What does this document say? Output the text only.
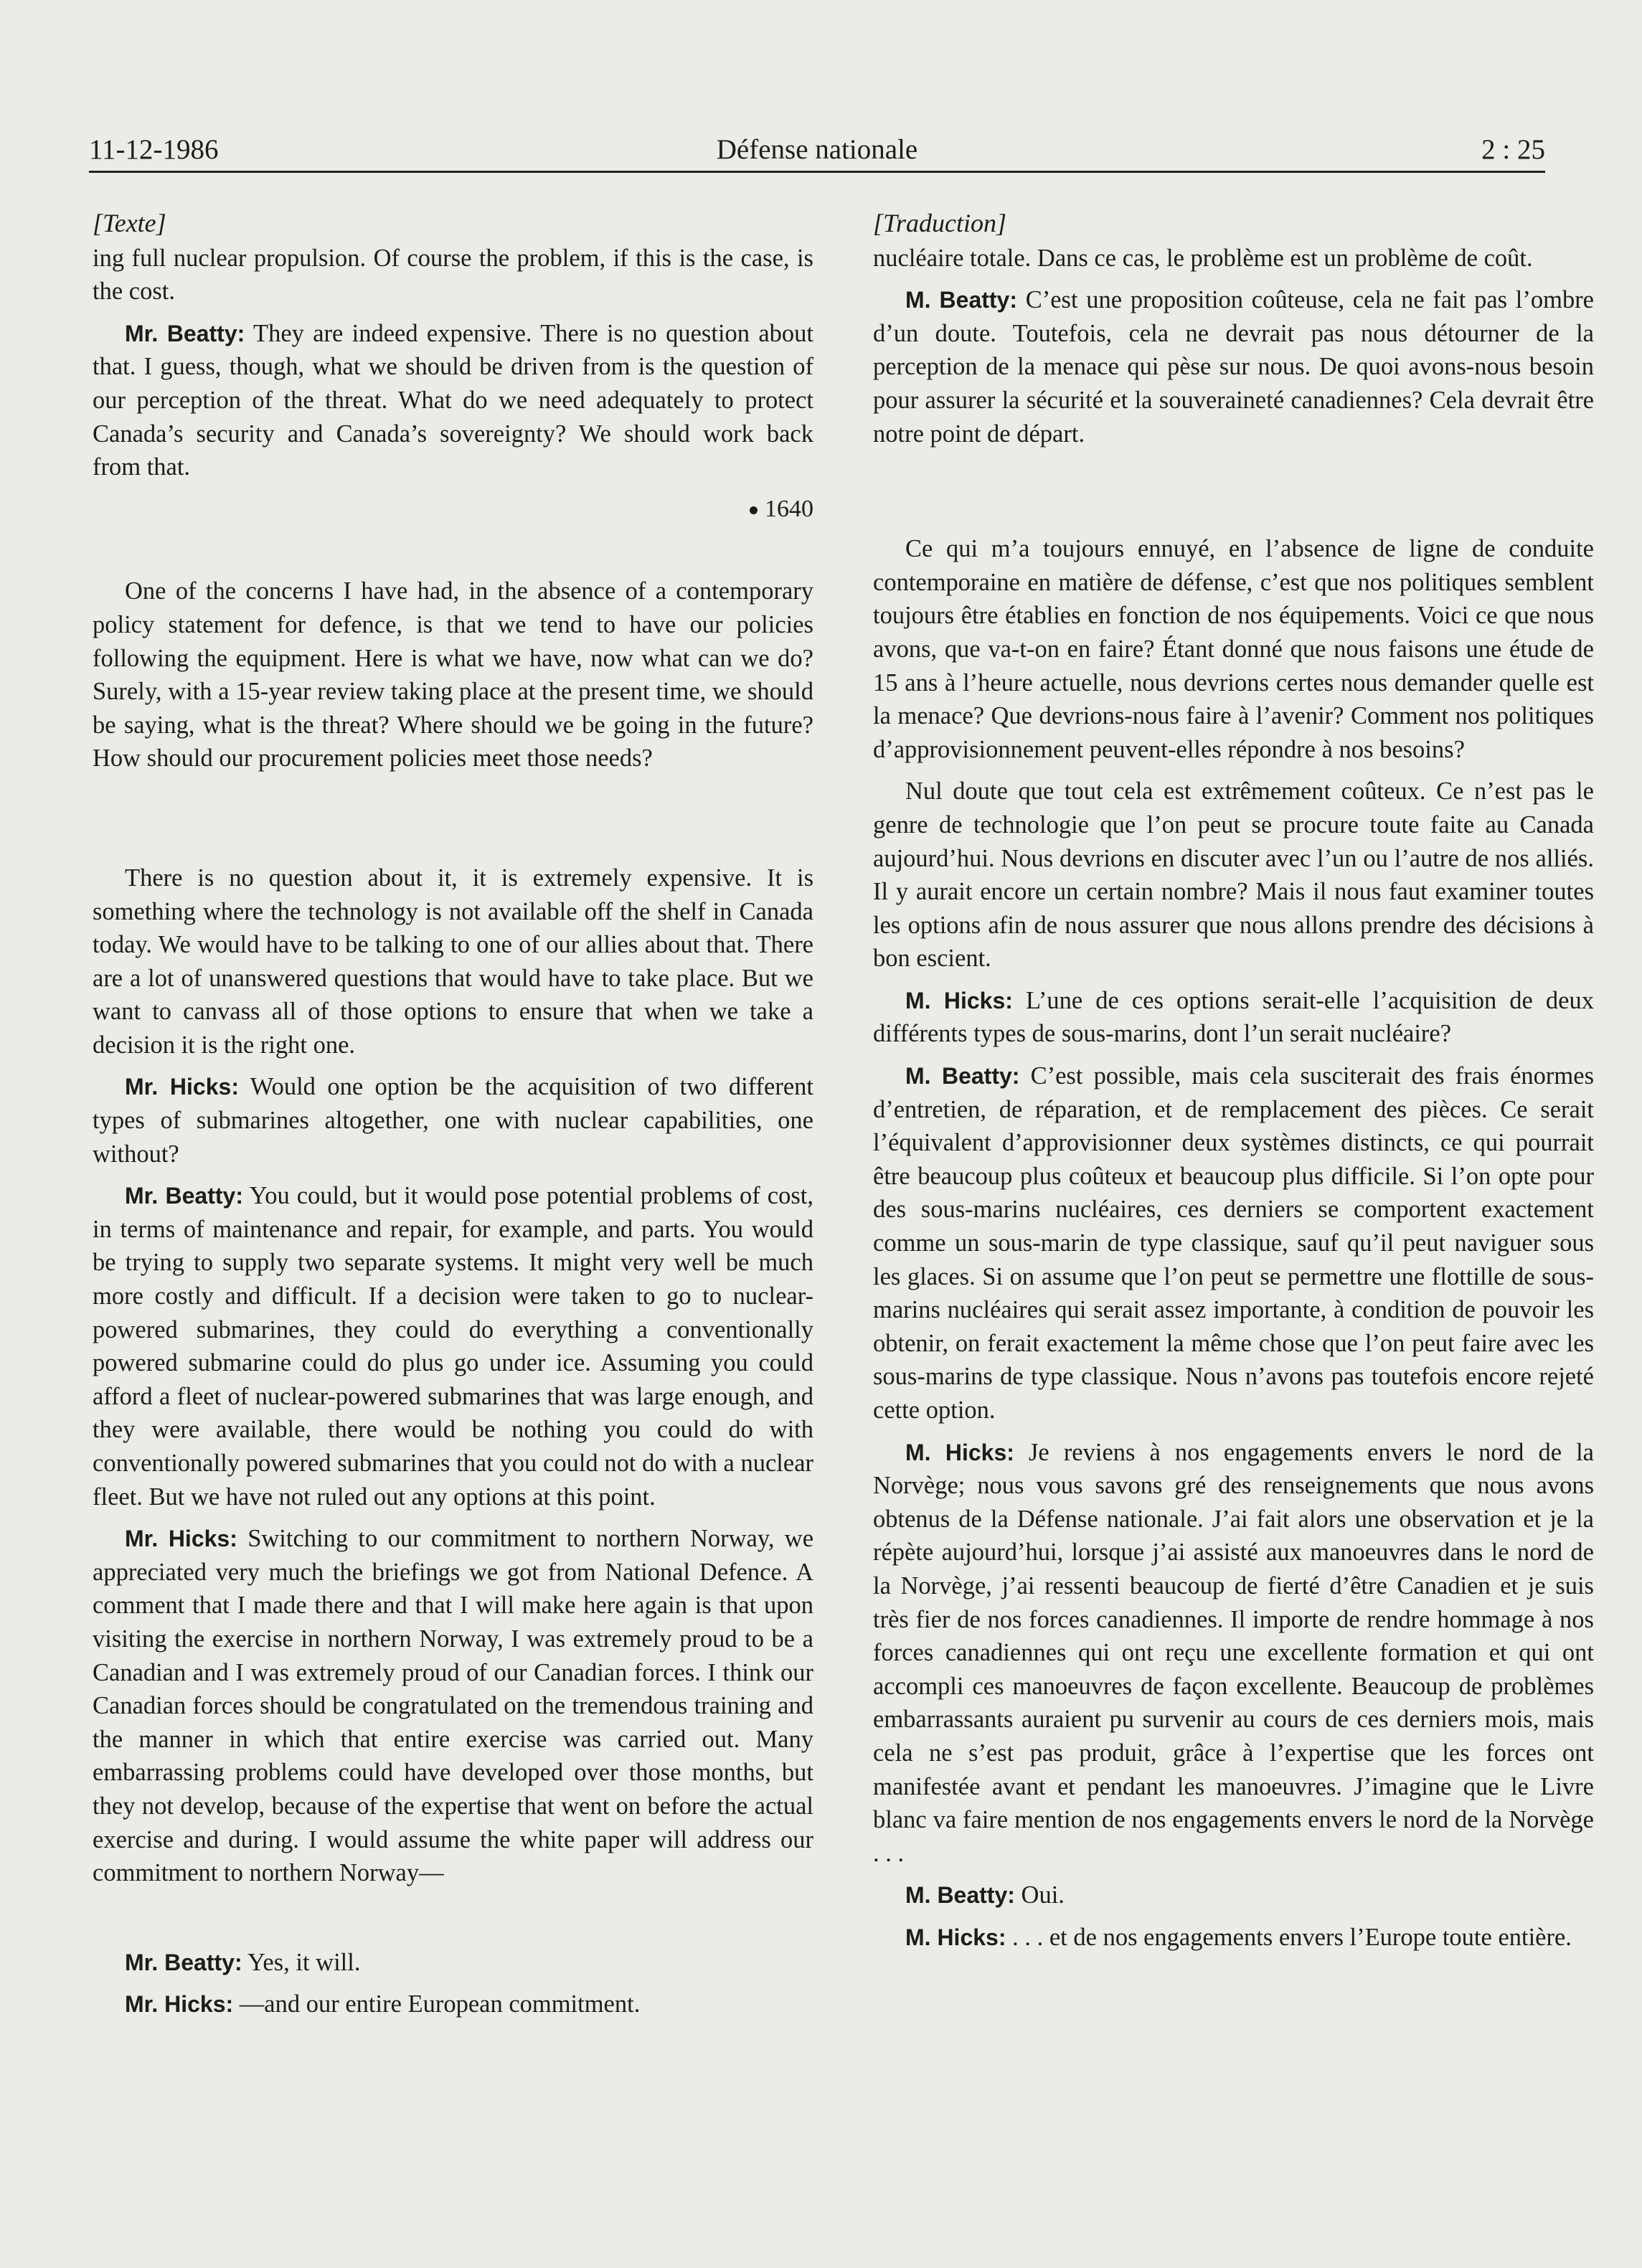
11-12-1986	Défense nationale	2 : 25
[Texte]

ing full nuclear propulsion. Of course the problem, if this is the case, is the cost.

Mr. Beatty: They are indeed expensive. There is no question about that. I guess, though, what we should be driven from is the question of our perception of the threat. What do we need adequately to protect Canada’s security and Canada’s sovereignty? We should work back from that.

1640

One of the concerns I have had, in the absence of a contemporary policy statement for defence, is that we tend to have our policies following the equipment. Here is what we have, now what can we do? Surely, with a 15-year review taking place at the present time, we should be saying, what is the threat? Where should we be going in the future? How should our procurement policies meet those needs?

There is no question about it, it is extremely expensive. It is something where the technology is not available off the shelf in Canada today. We would have to be talking to one of our allies about that. There are a lot of unanswered questions that would have to take place. But we want to canvass all of those options to ensure that when we take a decision it is the right one.

Mr. Hicks: Would one option be the acquisition of two different types of submarines altogether, one with nuclear capabilities, one without?

Mr. Beatty: You could, but it would pose potential problems of cost, in terms of maintenance and repair, for example, and parts. You would be trying to supply two separate systems. It might very well be much more costly and difficult. If a decision were taken to go to nuclear-powered submarines, they could do everything a conventionally powered submarine could do plus go under ice. Assuming you could afford a fleet of nuclear-powered submarines that was large enough, and they were available, there would be nothing you could do with conventionally powered submarines that you could not do with a nuclear fleet. But we have not ruled out any options at this point.

Mr. Hicks: Switching to our commitment to northern Norway, we appreciated very much the briefings we got from National Defence. A comment that I made there and that I will make here again is that upon visiting the exercise in northern Norway, I was extremely proud to be a Canadian and I was extremely proud of our Canadian forces. I think our Canadian forces should be congratulated on the tremendous training and the manner in which that entire exercise was carried out. Many embarrassing problems could have developed over those months, but they not develop, because of the expertise that went on before the actual exercise and during. I would assume the white paper will address our commitment to northern Norway—

Mr. Beatty: Yes, it will.

Mr. Hicks: —and our entire European commitment.

[Traduction]

nucléaire totale. Dans ce cas, le problème est un problème de coût.

M. Beatty: C’est une proposition coûteuse, cela ne fait pas l’ombre d’un doute. Toutefois, cela ne devrait pas nous détourner de la perception de la menace qui pèse sur nous. De quoi avons-nous besoin pour assurer la sécurité et la souveraineté canadiennes? Cela devrait être notre point de départ.

Ce qui m’a toujours ennuyé, en l’absence de ligne de conduite contemporaine en matière de défense, c’est que nos politiques semblent toujours être établies en fonction de nos équipements. Voici ce que nous avons, que va-t-on en faire? Étant donné que nous faisons une étude de 15 ans à l’heure actuelle, nous devrions certes nous demander quelle est la menace? Que devrions-nous faire à l’avenir? Comment nos politiques d’approvisionnement peuvent-elles répondre à nos besoins?

Nul doute que tout cela est extrêmement coûteux. Ce n’est pas le genre de technologie que l’on peut se procure toute faite au Canada aujourd’hui. Nous devrions en discuter avec l’un ou l’autre de nos alliés. Il y aurait encore un certain nombre? Mais il nous faut examiner toutes les options afin de nous assurer que nous allons prendre des décisions à bon escient.

M. Hicks: L’une de ces options serait-elle l’acquisition de deux différents types de sous-marins, dont l’un serait nucléaire?

M. Beatty: C’est possible, mais cela susciterait des frais énormes d’entretien, de réparation, et de remplacement des pièces. Ce serait l’équivalent d’approvisionner deux systèmes distincts, ce qui pourrait être beaucoup plus coûteux et beaucoup plus difficile. Si l’on opte pour des sous-marins nucléaires, ces derniers se comportent exactement comme un sous-marin de type classique, sauf qu’il peut naviguer sous les glaces. Si on assume que l’on peut se permettre une flottille de sous-marins nucléaires qui serait assez importante, à condition de pouvoir les obtenir, on ferait exactement la même chose que l’on peut faire avec les sous-marins de type classique. Nous n’avons pas toutefois encore rejeté cette option.

M. Hicks: Je reviens à nos engagements envers le nord de la Norvège; nous vous savons gré des renseignements que nous avons obtenus de la Défense nationale. J’ai fait alors une observation et je la répète aujourd’hui, lorsque j’ai assisté aux manoeuvres dans le nord de la Norvège, j’ai ressenti beaucoup de fierté d’être Canadien et je suis très fier de nos forces canadiennes. Il importe de rendre hommage à nos forces canadiennes qui ont reçu une excellente formation et qui ont accompli ces manoeuvres de façon excellente. Beaucoup de problèmes embarrassants auraient pu survenir au cours de ces derniers mois, mais cela ne s’est pas produit, grâce à l’expertise que les forces ont manifestée avant et pendant les manoeuvres. J’imagine que le Livre blanc va faire mention de nos engagements envers le nord de la Norvège . . .

M. Beatty: Oui.

M. Hicks: . . . et de nos engagements envers l’Europe toute entière.
